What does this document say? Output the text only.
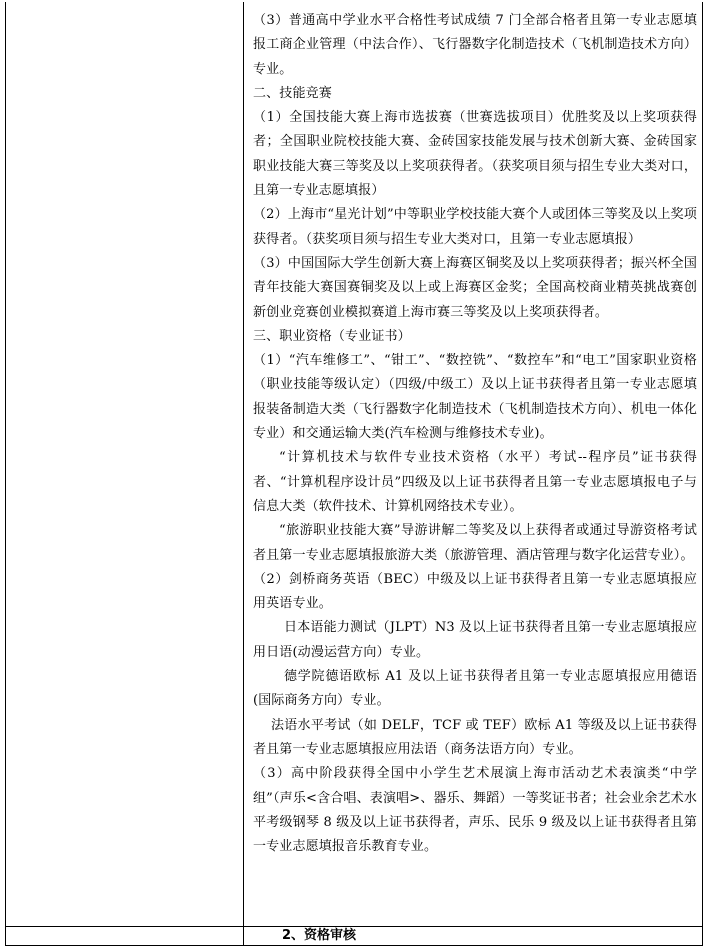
（3）普通高中学业水平合格性考试成绩 7 门全部合格者且第一专业志愿填报工商企业管理（中法合作）、飞行器数字化制造技术（飞机制造技术方向）专业。

二、技能竞赛

（1）全国技能大赛上海市选拔赛（世赛选拔项目）优胜奖及以上奖项获得者；全国职业院校技能大赛、金砖国家技能发展与技术创新大赛、金砖国家职业技能大赛三等奖及以上奖项获得者。（获奖项目须与招生专业大类对口，且第一专业志愿填报）

（2）上海市“星光计划”中等职业学校技能大赛个人或团体三等奖及以上奖项获得者。（获奖项目须与招生专业大类对口，且第一专业志愿填报）

（3）中国国际大学生创新大赛上海赛区铜奖及以上奖项获得者；振兴杯全国青年技能大赛国赛铜奖及以上或上海赛区金奖；全国高校商业精英挑战赛创新创业竞赛创业模拟赛道上海市赛三等奖及以上奖项获得者。

三、职业资格（专业证书）

（1）“汽车维修工”、“钳工”、“数控铣”、“数控车”和“电工”国家职业资格（职业技能等级认定）（四级/中级工）及以上证书获得者且第一专业志愿填报装备制造大类（飞行器数字化制造技术（飞机制造技术方向）、机电一体化专业）和交通运输大类(汽车检测与维修技术专业)。

“计算机技术与软件专业技术资格（水平）考试--程序员”证书获得者、“计算机程序设计员”四级及以上证书获得者且第一专业志愿填报电子与信息大类（软件技术、计算机网络技术专业）。

“旅游职业技能大赛”导游讲解二等奖及以上获得者或通过导游资格考试者且第一专业志愿填报旅游大类（旅游管理、酒店管理与数字化运营专业）。

（2）剑桥商务英语（BEC）中级及以上证书获得者且第一专业志愿填报应用英语专业。

日本语能力测试（JLPT）N3 及以上证书获得者且第一专业志愿填报应用日语(动漫运营方向）专业。

德学院德语欧标 A1 及以上证书获得者且第一专业志愿填报应用德语(国际商务方向）专业。

法语水平考试（如 DELF，TCF 或 TEF）欧标 A1 等级及以上证书获得者且第一专业志愿填报应用法语（商务法语方向）专业。

（3）高中阶段获得全国中小学生艺术展演上海市活动艺术表演类“中学组”（声乐<含合唱、表演唱>、器乐、舞蹈）一等奖证书者；社会业余艺术水平考级钢琴 8 级及以上证书获得者，声乐、民乐 9 级及以上证书获得者且第一专业志愿填报音乐教育专业。

2、资格审核
